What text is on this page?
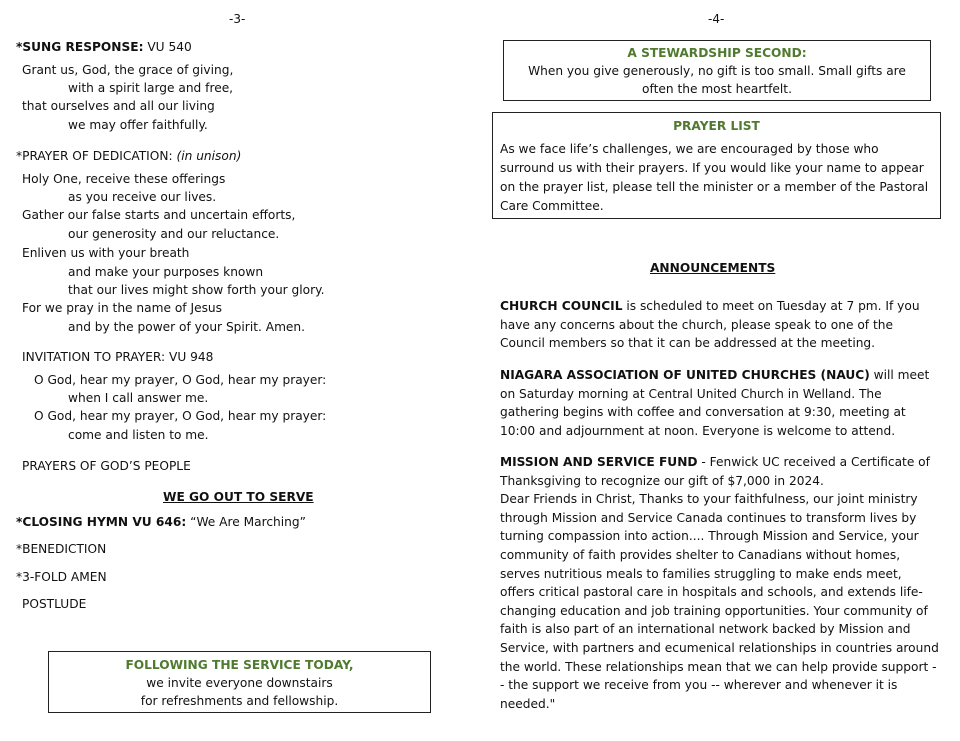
-3-
*SUNG RESPONSE: VU 540
Grant us, God, the grace of giving,
with a spirit large and free,
that ourselves and all our living
we may offer faithfully.
*PRAYER OF DEDICATION: (in unison)
Holy One, receive these offerings
as you receive our lives.
Gather our false starts and uncertain efforts,
our generosity and our reluctance.
Enliven us with your breath
and make your purposes known
that our lives might show forth your glory.
For we pray in the name of Jesus
and by the power of your Spirit. Amen.
INVITATION TO PRAYER: VU 948
O God, hear my prayer, O God, hear my prayer:
when I call answer me.
O God, hear my prayer, O God, hear my prayer:
come and listen to me.
PRAYERS OF GOD’S PEOPLE
WE GO OUT TO SERVE
*CLOSING HYMN VU 646: “We Are Marching”
*BENEDICTION
*3-FOLD AMEN
POSTLUDE
FOLLOWING THE SERVICE TODAY,
we invite everyone downstairs
for refreshments and fellowship.
-4-
A STEWARDSHIP SECOND:
When you give generously, no gift is too small. Small gifts are
often the most heartfelt.
PRAYER LIST
As we face life’s challenges, we are encouraged by those who
surround us with their prayers. If you would like your name to appear
on the prayer list, please tell the minister or a member of the Pastoral
Care Committee.
ANNOUNCEMENTS
CHURCH COUNCIL is scheduled to meet on Tuesday at 7 pm. If you have any concerns about the church, please speak to one of the Council members so that it can be addressed at the meeting.
NIAGARA ASSOCIATION OF UNITED CHURCHES (NAUC) will meet on Saturday morning at Central United Church in Welland. The gathering begins with coffee and conversation at 9:30, meeting at 10:00 and adjournment at noon. Everyone is welcome to attend.
MISSION AND SERVICE FUND - Fenwick UC received a Certificate of Thanksgiving to recognize our gift of $7,000 in 2024.
Dear Friends in Christ, Thanks to your faithfulness, our joint ministry through Mission and Service Canada continues to transform lives by turning compassion into action.... Through Mission and Service, your community of faith provides shelter to Canadians without homes, serves nutritious meals to families struggling to make ends meet, offers critical pastoral care in hospitals and schools, and extends life-changing education and job training opportunities. Your community of faith is also part of an international network backed by Mission and Service, with partners and ecumenical relationships in countries around the world. These relationships mean that we can help provide support -- the support we receive from you -- wherever and whenever it is needed."
